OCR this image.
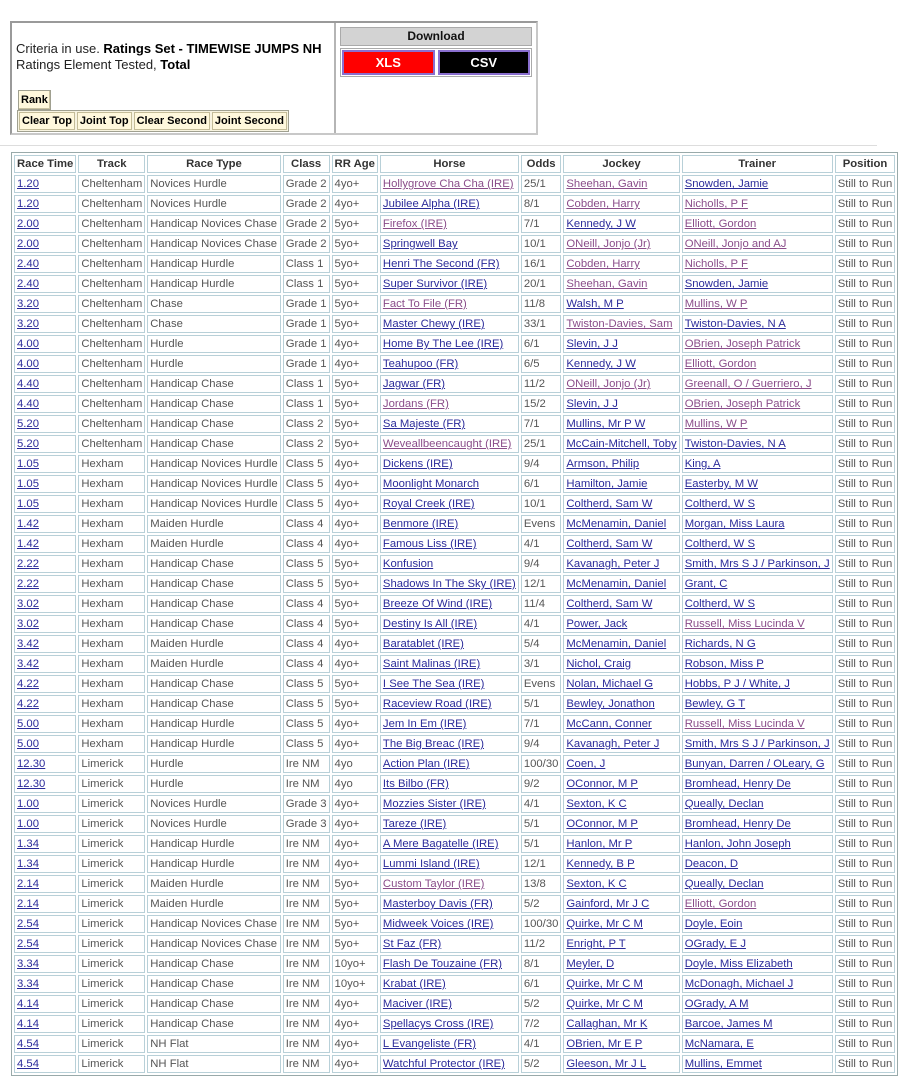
Criteria in use. Ratings Set - TIMEWISE JUMPS NH
Ratings Element Tested, Total
Rank
Clear Top Joint Top Clear Second Joint Second
Download
XLS	CSV
Race Time	Track	Race Type	Class	RR Age	Horse	Odds	Jockey	Trainer	Position
1.20	Cheltenham	Novices Hurdle	Grade 2	4yo+	Hollygrove Cha Cha (IRE)	25/1	Sheehan, Gavin	Snowden, Jamie	Still to Run
1.20	Cheltenham	Novices Hurdle	Grade 2	4yo+	Jubilee Alpha (IRE)	8/1	Cobden, Harry	Nicholls, P F	Still to Run
2.00	Cheltenham	Handicap Novices Chase	Grade 2	5yo+	Firefox (IRE)	7/1	Kennedy, J W	Elliott, Gordon	Still to Run
2.00	Cheltenham	Handicap Novices Chase	Grade 2	5yo+	Springwell Bay	10/1	ONeill, Jonjo (Jr)	ONeill, Jonjo and AJ	Still to Run
2.40	Cheltenham	Handicap Hurdle	Class 1	5yo+	Henri The Second (FR)	16/1	Cobden, Harry	Nicholls, P F	Still to Run
2.40	Cheltenham	Handicap Hurdle	Class 1	5yo+	Super Survivor (IRE)	20/1	Sheehan, Gavin	Snowden, Jamie	Still to Run
3.20	Cheltenham	Chase	Grade 1	5yo+	Fact To File (FR)	11/8	Walsh, M P	Mullins, W P	Still to Run
3.20	Cheltenham	Chase	Grade 1	5yo+	Master Chewy (IRE)	33/1	Twiston-Davies, Sam	Twiston-Davies, N A	Still to Run
4.00	Cheltenham	Hurdle	Grade 1	4yo+	Home By The Lee (IRE)	6/1	Slevin, J J	OBrien, Joseph Patrick	Still to Run
4.00	Cheltenham	Hurdle	Grade 1	4yo+	Teahupoo (FR)	6/5	Kennedy, J W	Elliott, Gordon	Still to Run
4.40	Cheltenham	Handicap Chase	Class 1	5yo+	Jagwar (FR)	11/2	ONeill, Jonjo (Jr)	Greenall, O / Guerriero, J	Still to Run
4.40	Cheltenham	Handicap Chase	Class 1	5yo+	Jordans (FR)	15/2	Slevin, J J	OBrien, Joseph Patrick	Still to Run
5.20	Cheltenham	Handicap Chase	Class 2	5yo+	Sa Majeste (FR)	7/1	Mullins, Mr P W	Mullins, W P	Still to Run
5.20	Cheltenham	Handicap Chase	Class 2	5yo+	Weveallbeencaught (IRE)	25/1	McCain-Mitchell, Toby	Twiston-Davies, N A	Still to Run
1.05	Hexham	Handicap Novices Hurdle	Class 5	4yo+	Dickens (IRE)	9/4	Armson, Philip	King, A	Still to Run
1.05	Hexham	Handicap Novices Hurdle	Class 5	4yo+	Moonlight Monarch	6/1	Hamilton, Jamie	Easterby, M W	Still to Run
1.05	Hexham	Handicap Novices Hurdle	Class 5	4yo+	Royal Creek (IRE)	10/1	Coltherd, Sam W	Coltherd, W S	Still to Run
1.42	Hexham	Maiden Hurdle	Class 4	4yo+	Benmore (IRE)	Evens	McMenamin, Daniel	Morgan, Miss Laura	Still to Run
1.42	Hexham	Maiden Hurdle	Class 4	4yo+	Famous Liss (IRE)	4/1	Coltherd, Sam W	Coltherd, W S	Still to Run
2.22	Hexham	Handicap Chase	Class 5	5yo+	Konfusion	9/4	Kavanagh, Peter J	Smith, Mrs S J / Parkinson, J	Still to Run
2.22	Hexham	Handicap Chase	Class 5	5yo+	Shadows In The Sky (IRE)	12/1	McMenamin, Daniel	Grant, C	Still to Run
3.02	Hexham	Handicap Chase	Class 4	5yo+	Breeze Of Wind (IRE)	11/4	Coltherd, Sam W	Coltherd, W S	Still to Run
3.02	Hexham	Handicap Chase	Class 4	5yo+	Destiny Is All (IRE)	4/1	Power, Jack	Russell, Miss Lucinda V	Still to Run
3.42	Hexham	Maiden Hurdle	Class 4	4yo+	Baratablet (IRE)	5/4	McMenamin, Daniel	Richards, N G	Still to Run
3.42	Hexham	Maiden Hurdle	Class 4	4yo+	Saint Malinas (IRE)	3/1	Nichol, Craig	Robson, Miss P	Still to Run
4.22	Hexham	Handicap Chase	Class 5	5yo+	I See The Sea (IRE)	Evens	Nolan, Michael G	Hobbs, P J / White, J	Still to Run
4.22	Hexham	Handicap Chase	Class 5	5yo+	Raceview Road (IRE)	5/1	Bewley, Jonathon	Bewley, G T	Still to Run
5.00	Hexham	Handicap Hurdle	Class 5	4yo+	Jem In Em (IRE)	7/1	McCann, Conner	Russell, Miss Lucinda V	Still to Run
5.00	Hexham	Handicap Hurdle	Class 5	4yo+	The Big Breac (IRE)	9/4	Kavanagh, Peter J	Smith, Mrs S J / Parkinson, J	Still to Run
12.30	Limerick	Hurdle	Ire NM	4yo	Action Plan (IRE)	100/30	Coen, J	Bunyan, Darren / OLeary, G	Still to Run
12.30	Limerick	Hurdle	Ire NM	4yo	Its Bilbo (FR)	9/2	OConnor, M P	Bromhead, Henry De	Still to Run
1.00	Limerick	Novices Hurdle	Grade 3	4yo+	Mozzies Sister (IRE)	4/1	Sexton, K C	Queally, Declan	Still to Run
1.00	Limerick	Novices Hurdle	Grade 3	4yo+	Tareze (IRE)	5/1	OConnor, M P	Bromhead, Henry De	Still to Run
1.34	Limerick	Handicap Hurdle	Ire NM	4yo+	A Mere Bagatelle (IRE)	5/1	Hanlon, Mr P	Hanlon, John Joseph	Still to Run
1.34	Limerick	Handicap Hurdle	Ire NM	4yo+	Lummi Island (IRE)	12/1	Kennedy, B P	Deacon, D	Still to Run
2.14	Limerick	Maiden Hurdle	Ire NM	5yo+	Custom Taylor (IRE)	13/8	Sexton, K C	Queally, Declan	Still to Run
2.14	Limerick	Maiden Hurdle	Ire NM	5yo+	Masterboy Davis (FR)	5/2	Gainford, Mr J C	Elliott, Gordon	Still to Run
2.54	Limerick	Handicap Novices Chase	Ire NM	5yo+	Midweek Voices (IRE)	100/30	Quirke, Mr C M	Doyle, Eoin	Still to Run
2.54	Limerick	Handicap Novices Chase	Ire NM	5yo+	St Faz (FR)	11/2	Enright, P T	OGrady, E J	Still to Run
3.34	Limerick	Handicap Chase	Ire NM	10yo+	Flash De Touzaine (FR)	8/1	Meyler, D	Doyle, Miss Elizabeth	Still to Run
3.34	Limerick	Handicap Chase	Ire NM	10yo+	Krabat (IRE)	6/1	Quirke, Mr C M	McDonagh, Michael J	Still to Run
4.14	Limerick	Handicap Chase	Ire NM	4yo+	Maciver (IRE)	5/2	Quirke, Mr C M	OGrady, A M	Still to Run
4.14	Limerick	Handicap Chase	Ire NM	4yo+	Spellacys Cross (IRE)	7/2	Callaghan, Mr K	Barcoe, James M	Still to Run
4.54	Limerick	NH Flat	Ire NM	4yo+	L Evangeliste (FR)	4/1	OBrien, Mr E P	McNamara, E	Still to Run
4.54	Limerick	NH Flat	Ire NM	4yo+	Watchful Protector (IRE)	5/2	Gleeson, Mr J L	Mullins, Emmet	Still to Run
